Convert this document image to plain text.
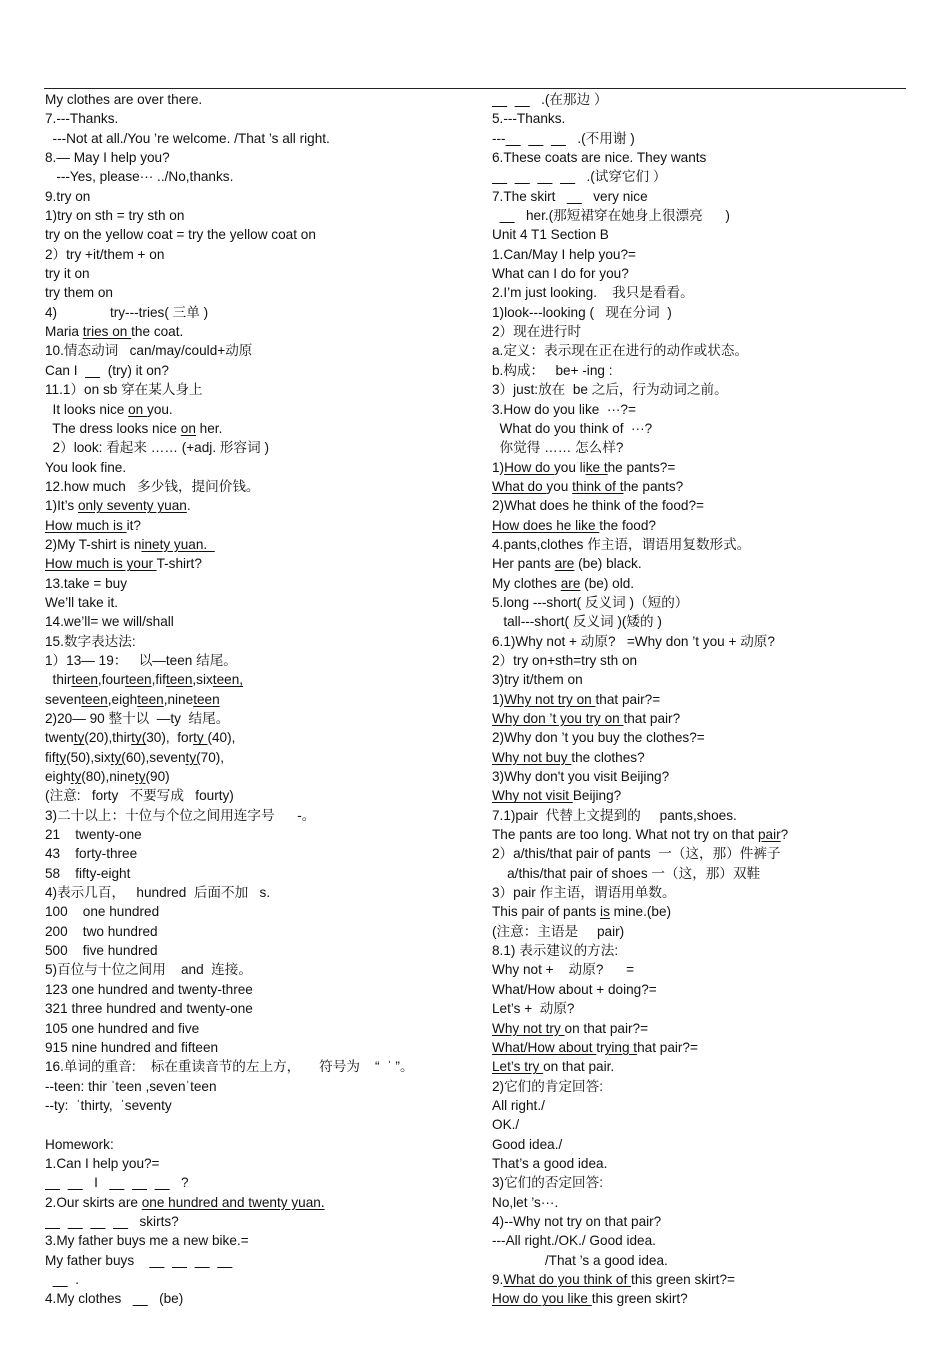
My clothes are over there.
7.---Thanks.
---Not at all./You ’re welcome. /That ’s all right.
8.— May I help you?
---Yes, please··· ../No,thanks.
9.try on
1)try on sth = try sth on
try on the yellow coat = try the yellow coat on
2）try +it/them + on
try it on
try them on
4)              try---tries( 三单 )
Maria tries on the coat.
10.情态动词   can/may/could+动原
Can I        (try) it on?
11.1）on sb 穿在某人身上
It looks nice on you.
The dress looks nice on her.
2）look: 看起来 …… (+adj. 形容词 )
You look fine.
12.how much   多少钱，提问价钱。
1)It’s only seventy yuan.
How much is it?
2)My T-shirt is ninety yuan.
How much is your T-shirt?
13.take = buy
We’ll take it.
14.we’ll= we will/shall
15.数字表达法:
1）13— 19：   以—teen 结尾。
thirteen,fourteen,fifteen,sixteen,
seventeen,eighteen,nineteen
2)20— 90 整十以  —ty  结尾。
twenty(20),thirty(30),  forty (40),
fifty(50),sixty(60),seventy(70),
eighty(80),ninety(90)
(注意:   forty   不要写成   fourty)
3)二十以上：十位与个位之间用连字号      -。
21    twenty-one
43    forty-three
58    fifty-eight
4)表示几百，   hundred  后面不加   s.
100    one hundred
200    two hundred
500    five hundred
5)百位与十位之间用    and  连接。
123 one hundred and twenty-three
321 three hundred and twenty-one
105 one hundred and five
915 nine hundred and fifteen
16.单词的重音:    标在重读音节的左上方，     符号为    “  ˈ ”。
--teen: thir ˈteen ,sevenˈteen
--ty:  ˈthirty,  ˈseventy
Homework:
1.Can I help you?=
I	?
2.Our skirts are one hundred and twenty yuan.
skirts?
3.My father buys me a new bike.=
My father buys
.
4.My clothes          (be)
.(在那边 ）
5.---Thanks.
---	.(不用谢 )
6.These coats are nice. They wants
.(试穿它们 ）
7.The skirt          very nice
her.(那短裙穿在她身上很漂亮      )
Unit 4 T1 Section B
1.Can/May I help you?=
What can I do for you?
2.I’m just looking.    我只是看看。
1)look---looking (   现在分词  )
2）现在进行时
a.定义：表示现在正在进行的动作或状态。
b.构成：   be+ -ing :
3）just:放在  be 之后，行为动词之前。
3.How do you like  ···?=
What do you think of  ···?
你觉得 …… 怎么样?
1)How do you like the pants?=
What do you think of the pants?
2)What does he think of the food?=
How does he like the food?
4.pants,clothes 作主语，谓语用复数形式。
Her pants are (be) black.
My clothes are (be) old.
5.long ---short( 反义词 )（短的）
tall---short( 反义词 )(矮的 )
6.1)Why not + 动原?   =Why don ’t you + 动原?
2）try on+sth=try sth on
3)try it/them on
1)Why not try on that pair?=
Why don ’t you try on that pair?
2)Why don ’t you buy the clothes?=
Why not buy the clothes?
3)Why don't you visit Beijing?
Why not visit Beijing?
7.1)pair  代替上文提到的     pants,shoes.
The pants are too long. What not try on that pair?
2）a/this/that pair of pants  一（这，那）件裤子
a/this/that pair of shoes 一（这，那）双鞋
3）pair 作主语，谓语用单数。
This pair of pants is mine.(be)
(注意：主语是     pair)
8.1) 表示建议的方法:
Why not +    动原?      =
What/How about + doing?=
Let’s +  动原?
Why not try on that pair?=
What/How about trying that pair?=
Let’s try on that pair.
2)它们的肯定回答:
All right./
OK./
Good idea./
That’s a good idea.
3)它们的否定回答:
No,let ’s···.
4)--Why not try on that pair?
---All right./OK./ Good idea.
/That ’s a good idea.
9.What do you think of this green skirt?=
How do you like this green skirt?
